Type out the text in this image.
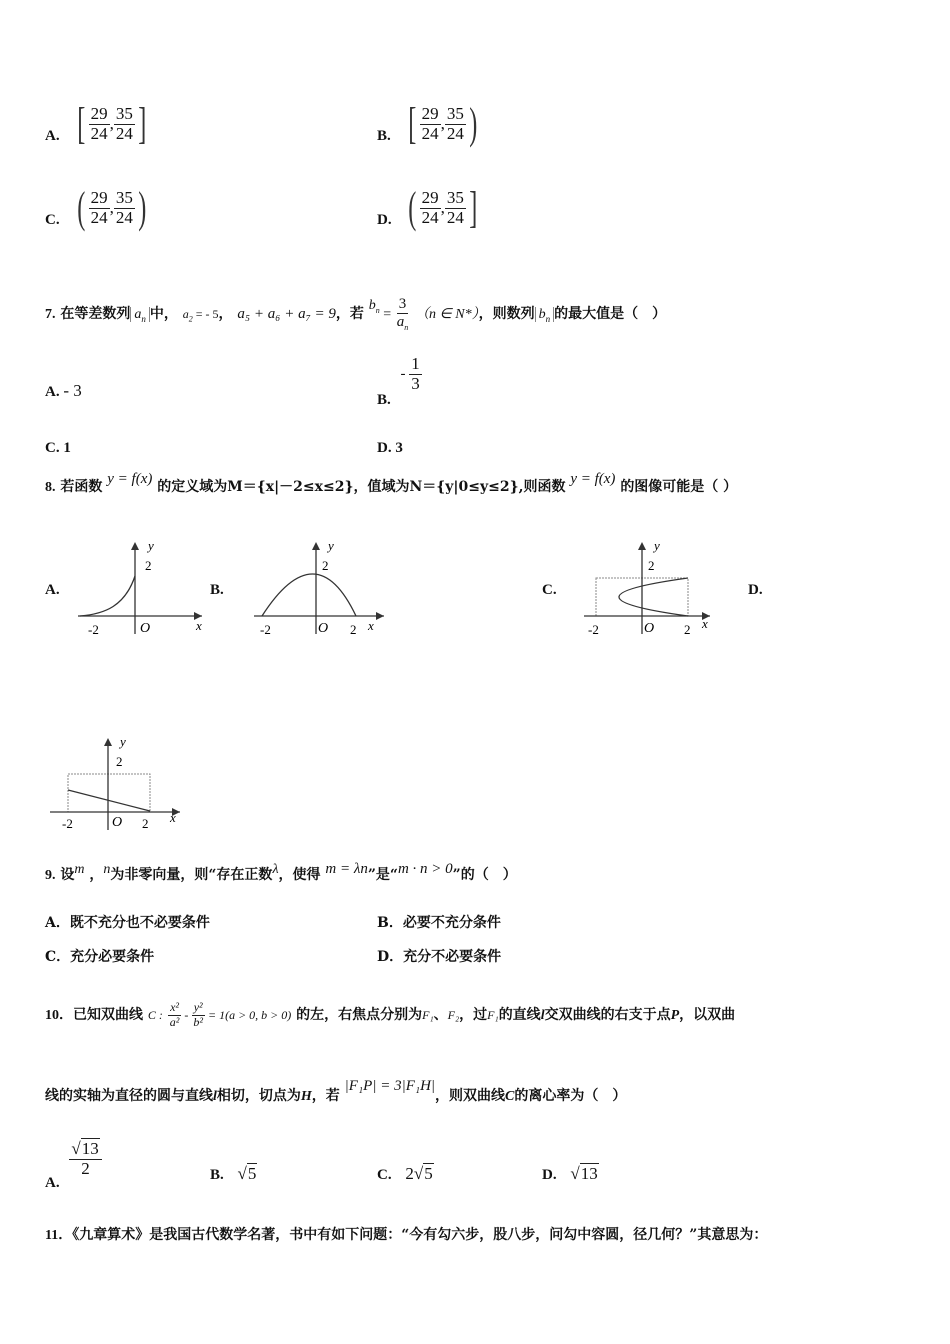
A. [ $\frac{29}{24}$ , $\frac{35}{24}$ ]	B. [ $\frac{29}{24}$ , $\frac{35}{24}$ )
C. ( $\frac{29}{24}$ , $\frac{35}{24}$ )	D. ( $\frac{29}{24}$ , $\frac{35}{24}$ ]
7. 在等差数列 $a_n$ 中， $a_2$ = - 5， a₅ + a₆ + a₇ = 9，若 $b_n = \frac{3}{a_n} (n$ ∈ N*），则数列 $b_n$ 的最大值是（　）
A. - 3	B. - $\frac{1}{3}$
C. 1	D. 3
8. 若函数 y = f(x) 的定义域为M＝{x|－2≤x≤2}，值域为N＝{y|0≤y≤2},则函数 y = f(x) 的图像可能是（ ）
A.	B.	C.	D.
y
2
-2	O	x
y
2
-2	O 2 x
y
2
-2	O 2 x
y
2
-2	O 2 x
9. 设m ，n为非零向量，则“存在正数λ，使得 m = λn”是“m · n > 0”的（　）
A．既不充分也不必要条件	B．必要不充分条件
C．充分必要条件	D．充分不必要条件
10．已知双曲线 C : $\frac{\text{x²}}{\text{a²}} - \frac{\text{y²}}{\text{b²}} = 1(a > 0$, b > 0) 的左，右焦点分别为F₁、F₂，过F₁的直线l交双曲线的右支于点P，以双曲
线的实轴为直径的圆与直线l相切，切点为H，若 |F₁P| = 3|F₁H|，则双曲线C的离心率为（　）
A.
$\frac{√13}{2}$	B. √5	C. 2√5	D. √13
11．《九章算术》是我国古代数学名著，书中有如下问题：“今有勾六步，股八步，问勾中容圆，径几何？”其意思为：
